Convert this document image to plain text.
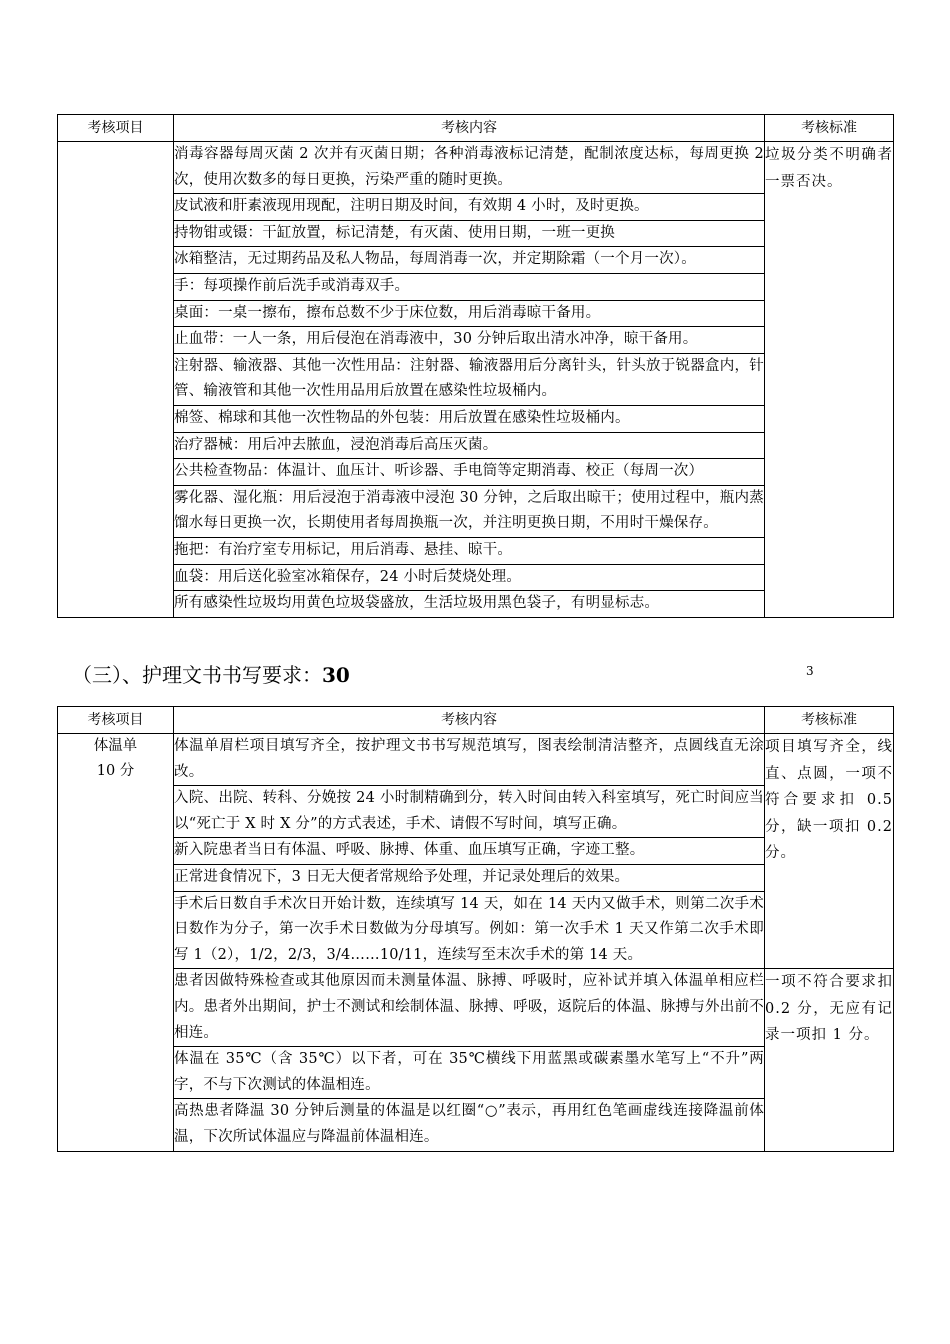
考核项目	考核内容	考核标准
	消毒容器每周灭菌 2 次并有灭菌日期；各种消毒液标记清楚，配制浓度达标，每周更换 2 次，使用次数多的每日更换，污染严重的随时更换。	垃圾分类不明确者一票否决。
	皮试液和肝素液现用现配，注明日期及时间，有效期 4 小时，及时更换。	
	持物钳或镊：干缸放置，标记清楚，有灭菌、使用日期，一班一更换	
	冰箱整洁，无过期药品及私人物品，每周消毒一次，并定期除霜（一个月一次）。	
	手：每项操作前后洗手或消毒双手。	
	桌面：一桌一擦布，擦布总数不少于床位数，用后消毒晾干备用。	
	止血带：一人一条，用后侵泡在消毒液中，30 分钟后取出清水冲净，晾干备用。	
	注射器、输液器、其他一次性用品：注射器、输液器用后分离针头，针头放于锐器盒内，针管、输液管和其他一次性用品用后放置在感染性垃圾桶内。	
	棉签、棉球和其他一次性物品的外包装：用后放置在感染性垃圾桶内。	
	治疗器械：用后冲去脓血，浸泡消毒后高压灭菌。	
	公共检查物品：体温计、血压计、听诊器、手电筒等定期消毒、校正（每周一次）	
	雾化器、湿化瓶：用后浸泡于消毒液中浸泡 30 分钟，之后取出晾干；使用过程中，瓶内蒸馏水每日更换一次，长期使用者每周换瓶一次，并注明更换日期，不用时干燥保存。	
	拖把：有治疗室专用标记，用后消毒、悬挂、晾干。	
	血袋：用后送化验室冰箱保存，24 小时后焚烧处理。	
	所有感染性垃圾均用黄色垃圾袋盛放，生活垃圾用黑色袋子，有明显标志。	
（三）、护理文书书写要求：30	3
考核项目	考核内容	考核标准

体温单
10 分	体温单眉栏项目填写齐全，按护理文书书写规范填写，图表绘制清洁整齐，点圆线直无涂改。	项目填写齐全，线直、点圆，一项不符合要求扣 0.5 分，缺一项扣 0.2 分。
	入院、出院、转科、分娩按 24 小时制精确到分，转入时间由转入科室填写，死亡时间应当以“死亡于 X 时 X 分”的方式表述，手术、请假不写时间，填写正确。	
	新入院患者当日有体温、呼吸、脉搏、体重、血压填写正确，字迹工整。	
	正常进食情况下，3 日无大便者常规给予处理，并记录处理后的效果。	
	手术后日数自手术次日开始计数，连续填写 14 天，如在 14 天内又做手术，则第二次手术日数作为分子，第一次手术日数做为分母填写。例如：第一次手术 1 天又作第二次手术即写 1（2），1/2，2/3，3/4……10/11，连续写至末次手术的第 14 天。	
	患者因做特殊检查或其他原因而未测量体温、脉搏、呼吸时，应补试并填入体温单相应栏内。患者外出期间，护士不测试和绘制体温、脉搏、呼吸，返院后的体温、脉搏与外出前不相连。	一项不符合要求扣 0.2 分，无应有记录一项扣 1 分。
	体温在 35℃（含 35℃）以下者，可在 35℃横线下用蓝黑或碳素墨水笔写上“不升”两字，不与下次测试的体温相连。	
	高热患者降温 30 分钟后测量的体温是以红圈“○”表示，再用红色笔画虚线连接降温前体温，下次所试体温应与降温前体温相连。	
